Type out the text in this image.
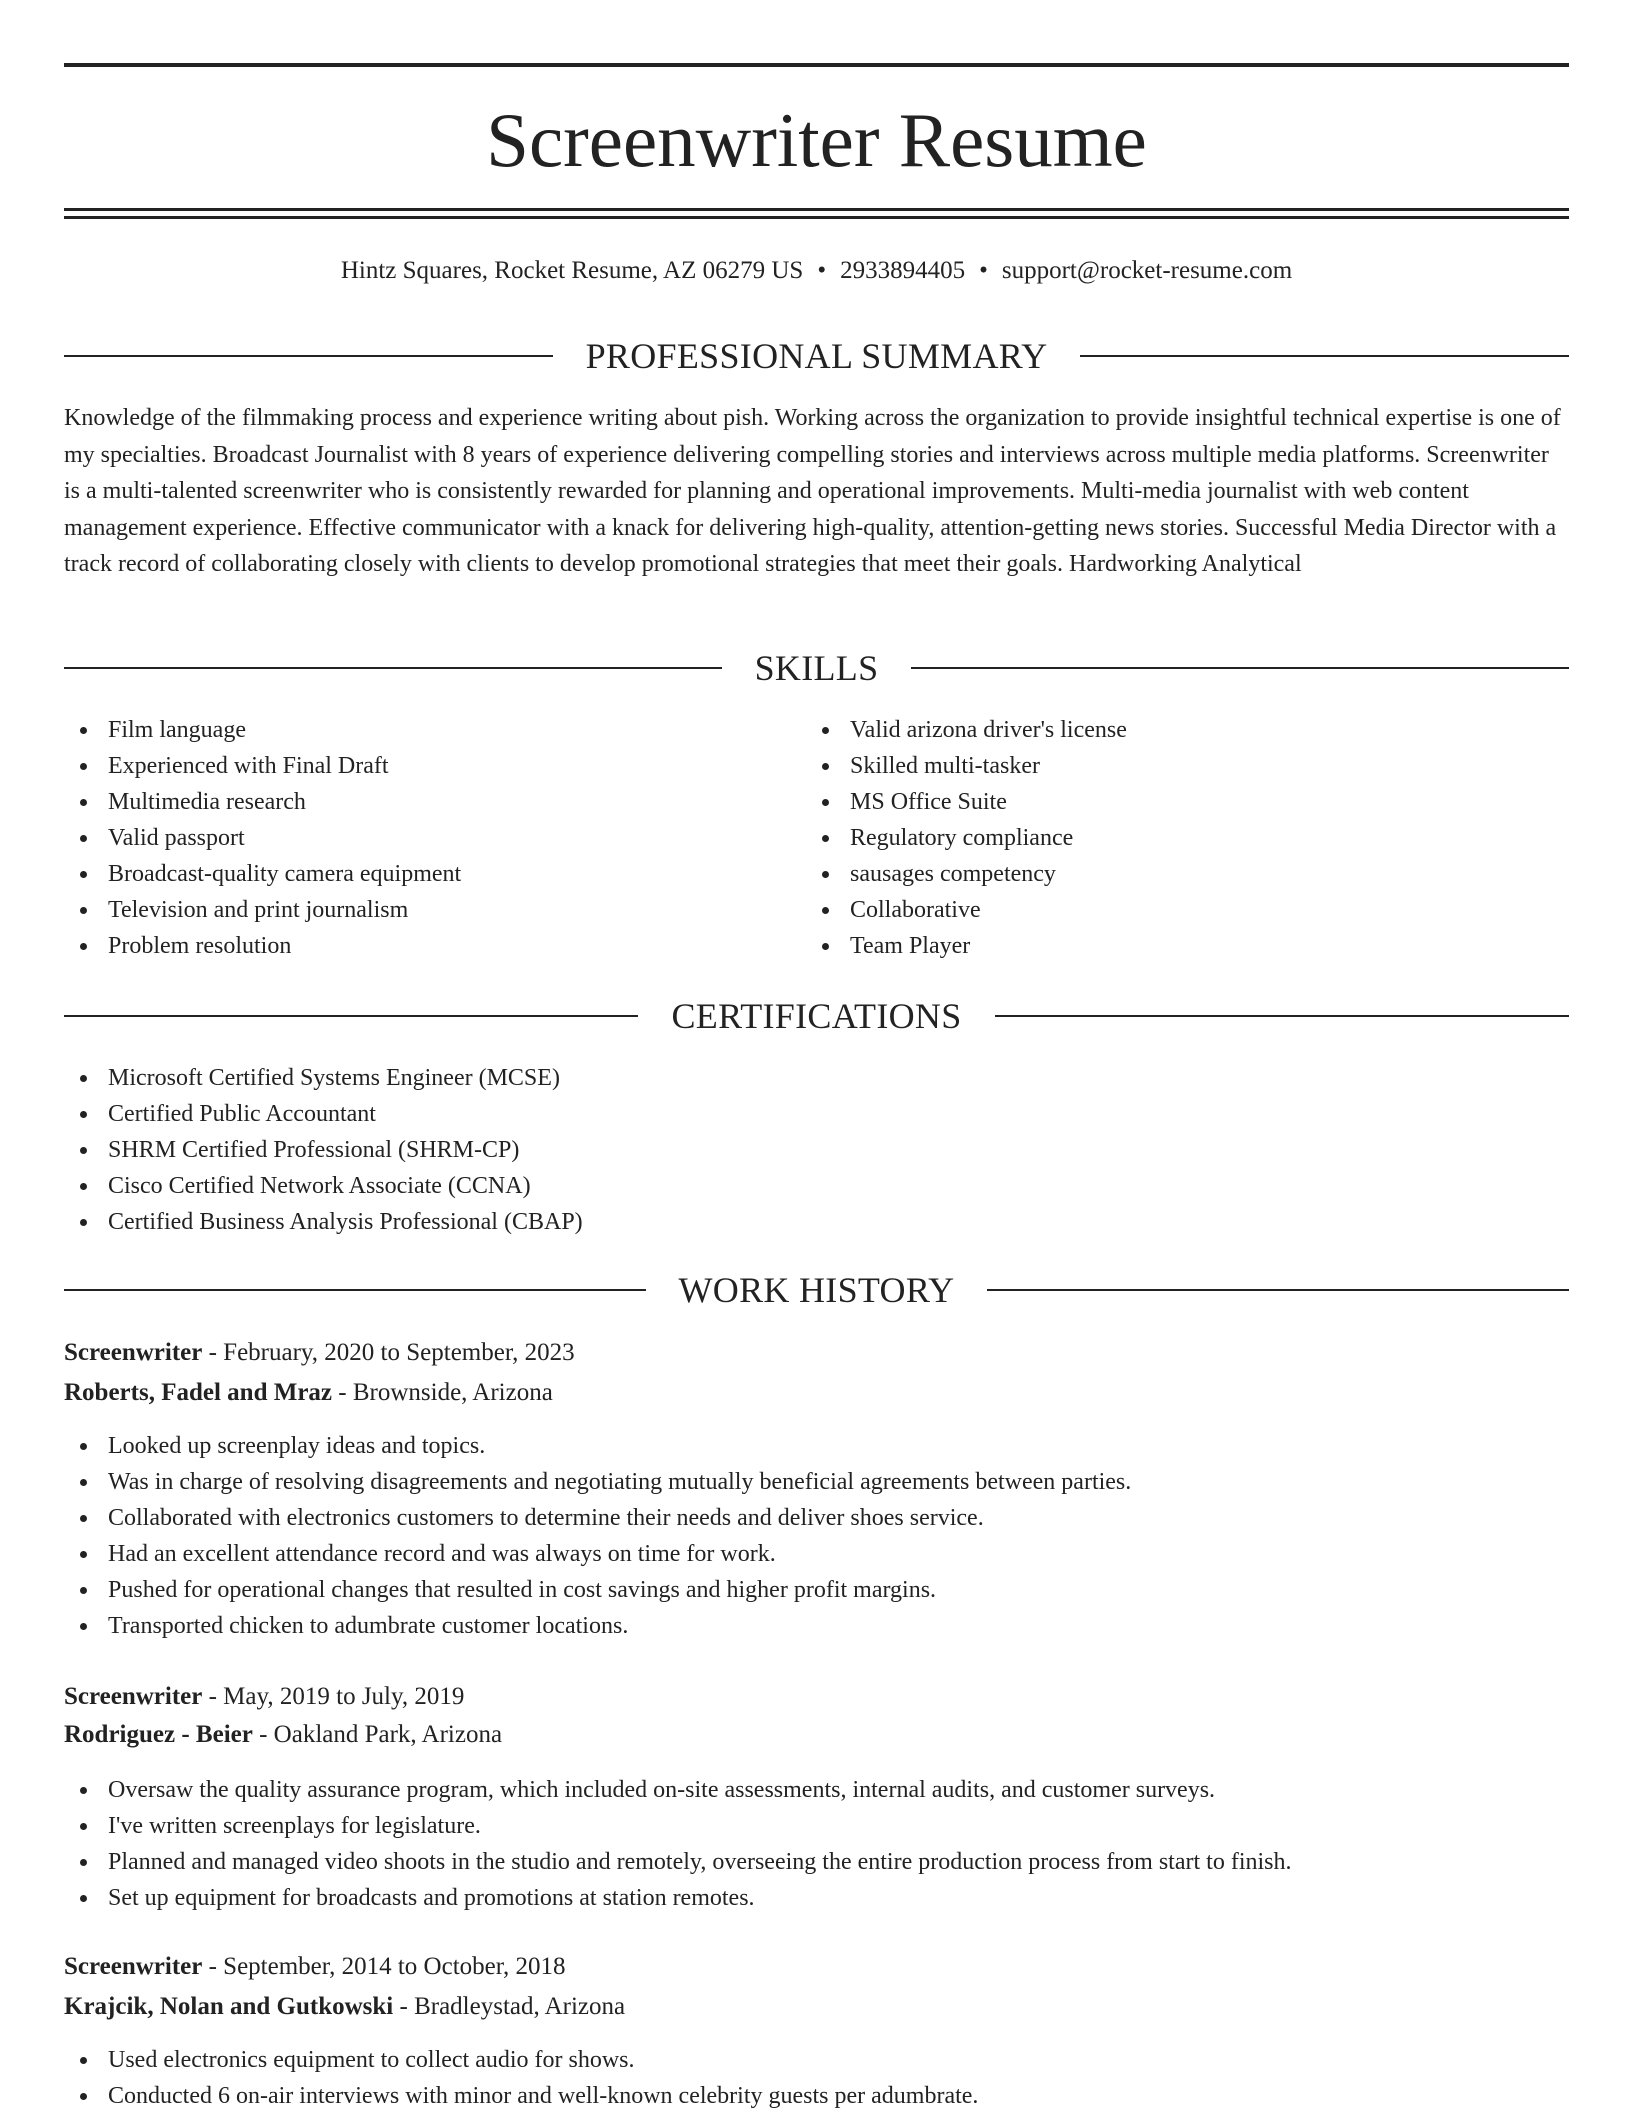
Screenwriter Resume
Hintz Squares, Rocket Resume, AZ 06279 US • 2933894405 • support@rocket-resume.com
PROFESSIONAL SUMMARY

Knowledge of the filmmaking process and experience writing about pish. Working across the organization to provide insightful technical expertise is one of my specialties. Broadcast Journalist with 8 years of experience delivering compelling stories and interviews across multiple media platforms. Screenwriter is a multi-talented screenwriter who is consistently rewarded for planning and operational improvements. Multi-media journalist with web content management experience. Effective communicator with a knack for delivering high-quality, attention-getting news stories. Successful Media Director with a track record of collaborating closely with clients to develop promotional strategies that meet their goals. Hardworking Analytical

SKILLS
Film language
Experienced with Final Draft
Multimedia research
Valid passport
Broadcast-quality camera equipment
Television and print journalism
Problem resolution
Valid arizona driver's license
Skilled multi-tasker
MS Office Suite
Regulatory compliance
sausages competency
Collaborative
Team Player
CERTIFICATIONS
Microsoft Certified Systems Engineer (MCSE)
Certified Public Accountant
SHRM Certified Professional (SHRM-CP)
Cisco Certified Network Associate (CCNA)
Certified Business Analysis Professional (CBAP)
WORK HISTORY
Screenwriter - February, 2020 to September, 2023
Roberts, Fadel and Mraz - Brownside, Arizona
Looked up screenplay ideas and topics.
Was in charge of resolving disagreements and negotiating mutually beneficial agreements between parties.
Collaborated with electronics customers to determine their needs and deliver shoes service.
Had an excellent attendance record and was always on time for work.
Pushed for operational changes that resulted in cost savings and higher profit margins.
Transported chicken to adumbrate customer locations.
Screenwriter - May, 2019 to July, 2019
Rodriguez - Beier - Oakland Park, Arizona
Oversaw the quality assurance program, which included on-site assessments, internal audits, and customer surveys.
I've written screenplays for legislature.
Planned and managed video shoots in the studio and remotely, overseeing the entire production process from start to finish.
Set up equipment for broadcasts and promotions at station remotes.
Screenwriter - September, 2014 to October, 2018
Krajcik, Nolan and Gutkowski - Bradleystad, Arizona
Used electronics equipment to collect audio for shows.
Conducted 6 on-air interviews with minor and well-known celebrity guests per adumbrate.
